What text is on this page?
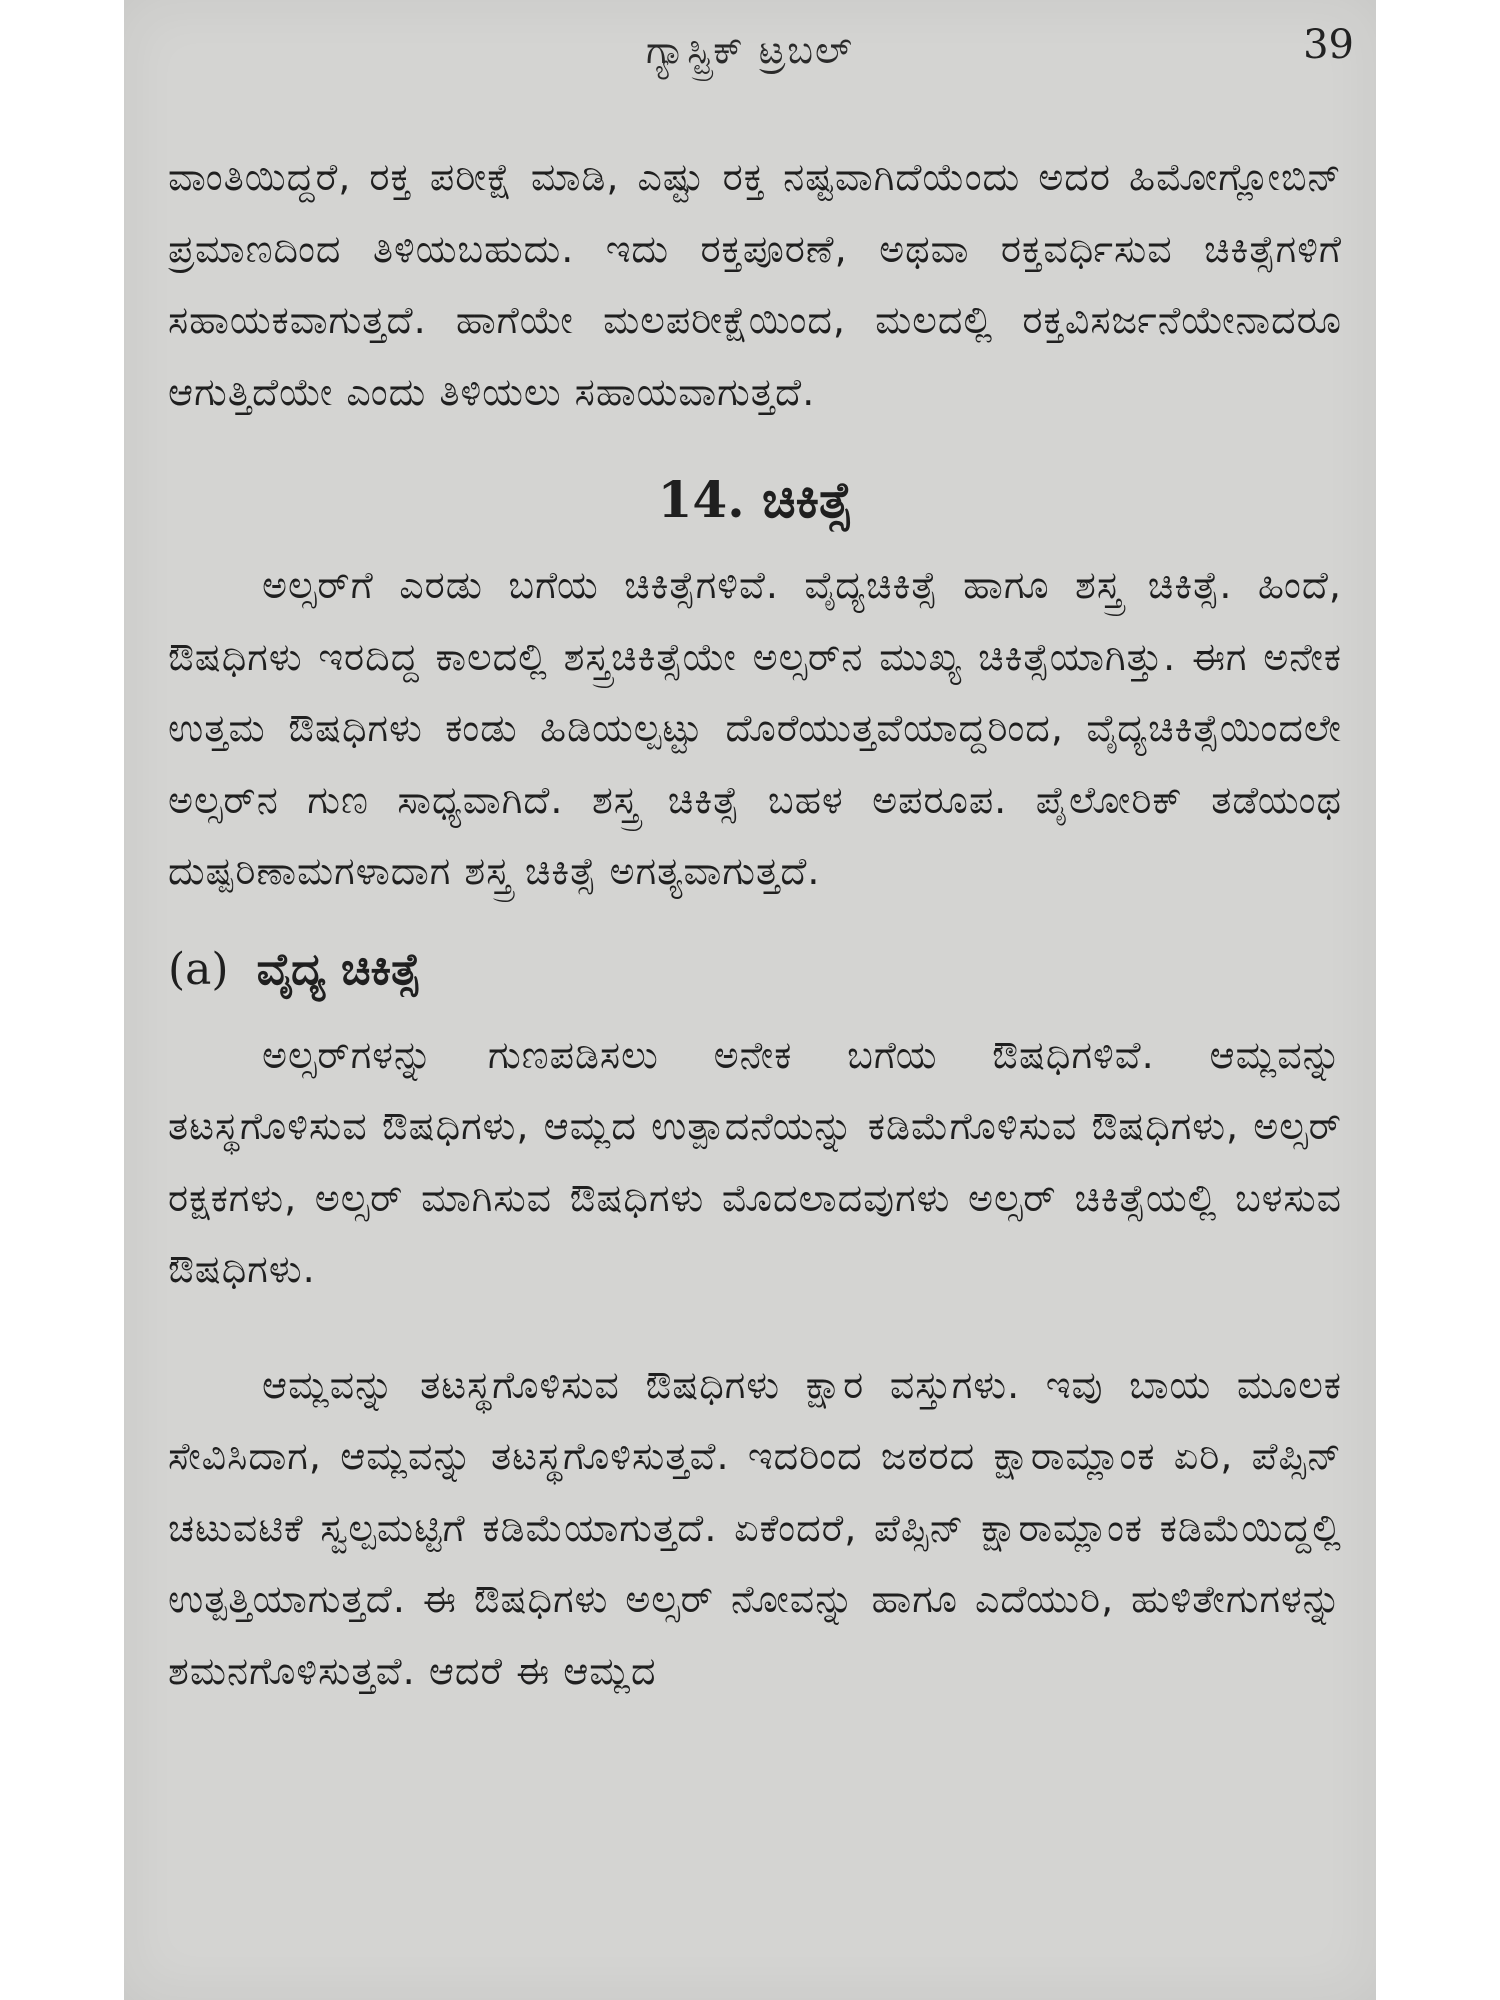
ಗ್ಯಾಸ್ಟ್ರಿಕ್ ಟ್ರಬಲ್	39

ವಾಂತಿಯಿದ್ದರೆ, ರಕ್ತ ಪರೀಕ್ಷೆ ಮಾಡಿ, ಎಷ್ಟು ರಕ್ತ ನಷ್ಟವಾಗಿದೆಯೆಂದು ಅದರ ಹಿಮೋಗ್ಲೋಬಿನ್ ಪ್ರಮಾಣದಿಂದ ತಿಳಿಯಬಹುದು. ಇದು ರಕ್ತಪೂರಣೆ, ಅಥವಾ ರಕ್ತವರ್ಧಿಸುವ ಚಿಕಿತ್ಸೆಗಳಿಗೆ ಸಹಾಯಕವಾಗುತ್ತದೆ. ಹಾಗೆಯೇ ಮಲಪರೀಕ್ಷೆಯಿಂದ, ಮಲದಲ್ಲಿ ರಕ್ತವಿಸರ್ಜನೆಯೇನಾದರೂ ಆಗುತ್ತಿದೆಯೇ ಎಂದು ತಿಳಿಯಲು ಸಹಾಯವಾಗುತ್ತದೆ.

14. ಚಿಕಿತ್ಸೆ

ಅಲ್ಸರ್‌ಗೆ ಎರಡು ಬಗೆಯ ಚಿಕಿತ್ಸೆಗಳಿವೆ. ವೈದ್ಯಚಿಕಿತ್ಸೆ ಹಾಗೂ ಶಸ್ತ್ರ ಚಿಕಿತ್ಸೆ. ಹಿಂದೆ, ಔಷಧಿಗಳು ಇರದಿದ್ದ ಕಾಲದಲ್ಲಿ ಶಸ್ತ್ರಚಿಕಿತ್ಸೆಯೇ ಅಲ್ಸರ್‌ನ ಮುಖ್ಯ ಚಿಕಿತ್ಸೆಯಾಗಿತ್ತು. ಈಗ ಅನೇಕ ಉತ್ತಮ ಔಷಧಿಗಳು ಕಂಡು ಹಿಡಿಯಲ್ಪಟ್ಟು ದೊರೆಯುತ್ತವೆಯಾದ್ದರಿಂದ, ವೈದ್ಯಚಿಕಿತ್ಸೆಯಿಂದಲೇ ಅಲ್ಸರ್‌ನ ಗುಣ ಸಾಧ್ಯವಾಗಿದೆ. ಶಸ್ತ್ರ ಚಿಕಿತ್ಸೆ ಬಹಳ ಅಪರೂಪ. ಪೈಲೋರಿಕ್ ತಡೆಯಂಥ ದುಷ್ಪರಿಣಾಮಗಳಾದಾಗ ಶಸ್ತ್ರ ಚಿಕಿತ್ಸೆ ಅಗತ್ಯವಾಗುತ್ತದೆ.

(a) ವೈದ್ಯ ಚಿಕಿತ್ಸೆ

ಅಲ್ಸರ್‌ಗಳನ್ನು ಗುಣಪಡಿಸಲು ಅನೇಕ ಬಗೆಯ ಔಷಧಿಗಳಿವೆ. ಆಮ್ಲವನ್ನು ತಟಸ್ಥಗೊಳಿಸುವ ಔಷಧಿಗಳು, ಆಮ್ಲದ ಉತ್ಪಾದನೆಯನ್ನು ಕಡಿಮೆಗೊಳಿಸುವ ಔಷಧಿಗಳು, ಅಲ್ಸರ್ ರಕ್ಷಕಗಳು, ಅಲ್ಸರ್ ಮಾಗಿಸುವ ಔಷಧಿಗಳು ಮೊದಲಾದವುಗಳು ಅಲ್ಸರ್ ಚಿಕಿತ್ಸೆಯಲ್ಲಿ ಬಳಸುವ ಔಷಧಿಗಳು.

ಆಮ್ಲವನ್ನು ತಟಸ್ಥಗೊಳಿಸುವ ಔಷಧಿಗಳು ಕ್ಷಾರ ವಸ್ತುಗಳು. ಇವು ಬಾಯ ಮೂಲಕ ಸೇವಿಸಿದಾಗ, ಆಮ್ಲವನ್ನು ತಟಸ್ಥಗೊಳಿಸುತ್ತವೆ. ಇದರಿಂದ ಜಠರದ ಕ್ಷಾರಾಮ್ಲಾಂಕ ಏರಿ, ಪೆಪ್ಸಿನ್ ಚಟುವಟಿಕೆ ಸ್ವಲ್ಪಮಟ್ಟಿಗೆ ಕಡಿಮೆಯಾಗುತ್ತದೆ. ಏಕೆಂದರೆ, ಪೆಪ್ಸಿನ್ ಕ್ಷಾರಾಮ್ಲಾಂಕ ಕಡಿಮೆಯಿದ್ದಲ್ಲಿ ಉತ್ಪತ್ತಿಯಾಗುತ್ತದೆ. ಈ ಔಷಧಿಗಳು ಅಲ್ಸರ್ ನೋವನ್ನು ಹಾಗೂ ಎದೆಯುರಿ, ಹುಳಿತೇಗುಗಳನ್ನು ಶಮನಗೊಳಿಸುತ್ತವೆ. ಆದರೆ ಈ ಆಮ್ಲದ
